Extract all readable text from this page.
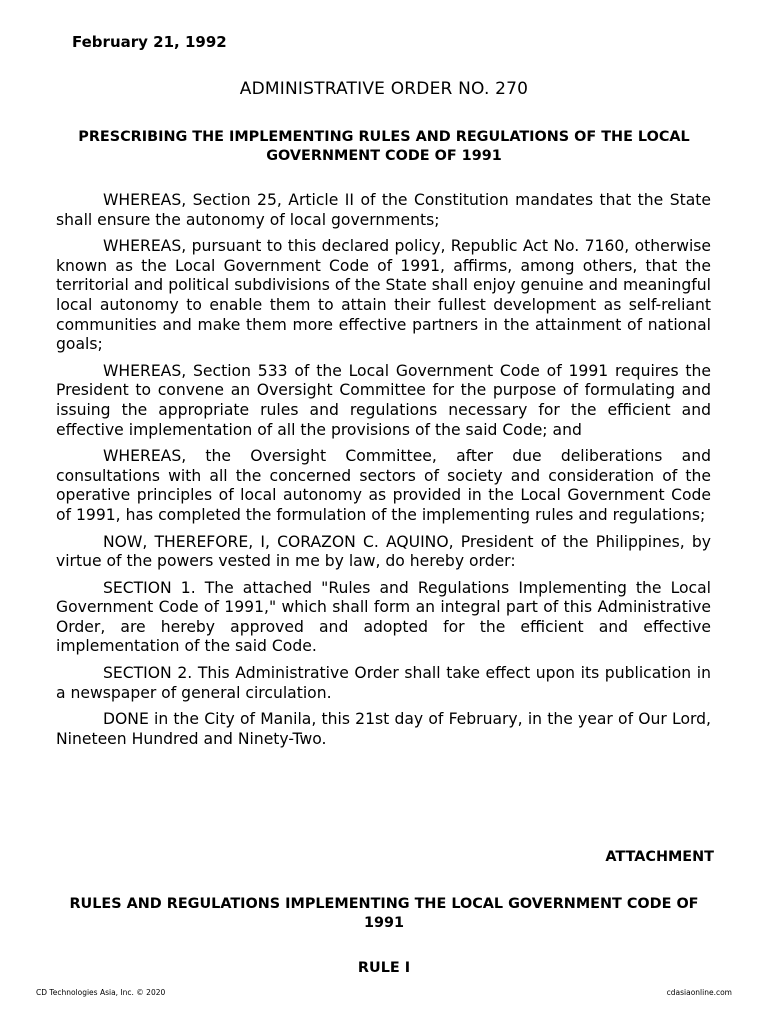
February 21, 1992
ADMINISTRATIVE ORDER NO. 270
PRESCRIBING THE IMPLEMENTING RULES AND REGULATIONS OF THE LOCAL GOVERNMENT CODE OF 1991

WHEREAS, Section 25, Article II of the Constitution mandates that the State shall ensure the autonomy of local governments;

WHEREAS, pursuant to this declared policy, Republic Act No. 7160, otherwise known as the Local Government Code of 1991, affirms, among others, that the territorial and political subdivisions of the State shall enjoy genuine and meaningful local autonomy to enable them to attain their fullest development as self-reliant communities and make them more effective partners in the attainment of national goals;

WHEREAS, Section 533 of the Local Government Code of 1991 requires the President to convene an Oversight Committee for the purpose of formulating and issuing the appropriate rules and regulations necessary for the efficient and effective implementation of all the provisions of the said Code; and

WHEREAS, the Oversight Committee, after due deliberations and consultations with all the concerned sectors of society and consideration of the operative principles of local autonomy as provided in the Local Government Code of 1991, has completed the formulation of the implementing rules and regulations;

NOW, THEREFORE, I, CORAZON C. AQUINO, President of the Philippines, by virtue of the powers vested in me by law, do hereby order:

SECTION 1. The attached "Rules and Regulations Implementing the Local Government Code of 1991," which shall form an integral part of this Administrative Order, are hereby approved and adopted for the efficient and effective implementation of the said Code.

SECTION 2. This Administrative Order shall take effect upon its publication in a newspaper of general circulation.

DONE in the City of Manila, this 21st day of February, in the year of Our Lord, Nineteen Hundred and Ninety-Two.

ATTACHMENT
RULES AND REGULATIONS IMPLEMENTING THE LOCAL GOVERNMENT CODE OF 1991
RULE I
CD Technologies Asia, Inc. © 2020	cdasiaonline.com
